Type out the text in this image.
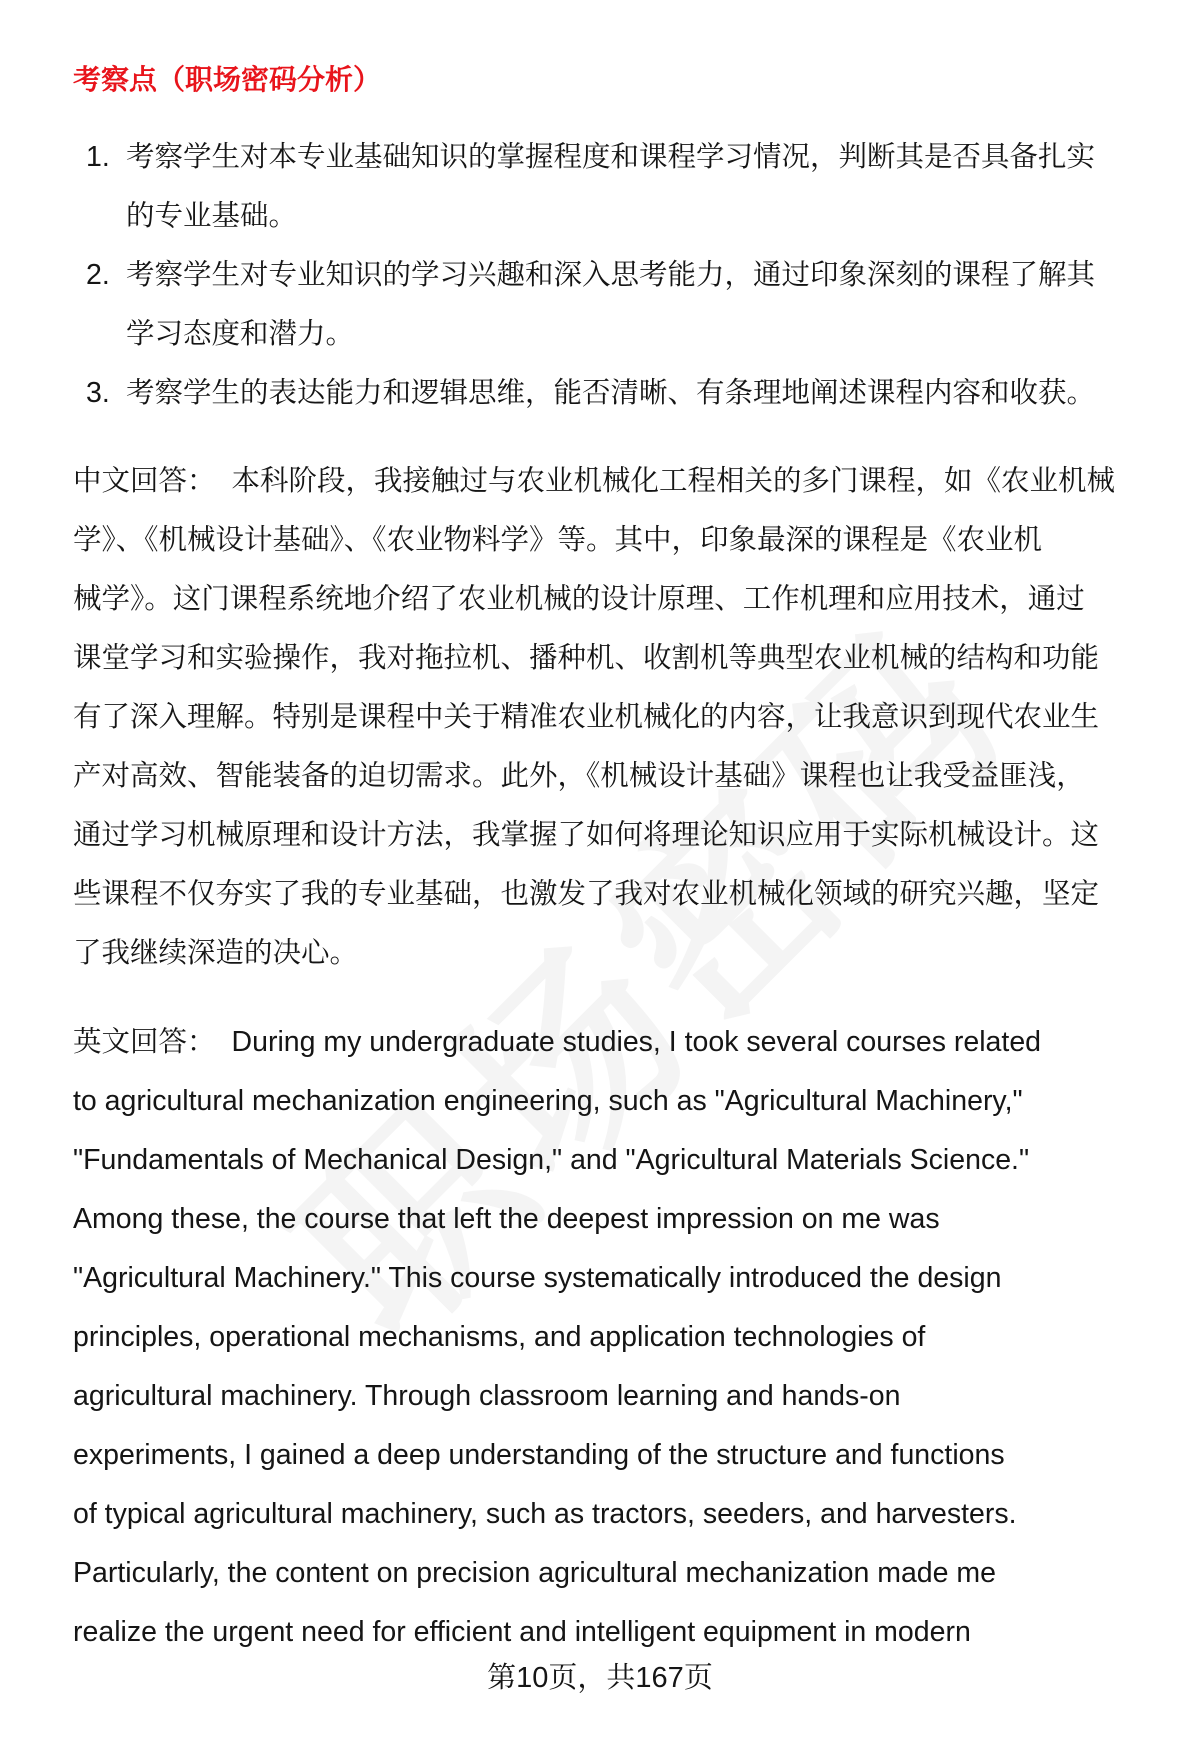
考察点（职场密码分析）
1. 考察学生对本专业基础知识的掌握程度和课程学习情况，判断其是否具备扎实
的专业基础。
2. 考察学生对专业知识的学习兴趣和深入思考能力，通过印象深刻的课程了解其
学习态度和潜力。
3. 考察学生的表达能力和逻辑思维，能否清晰、有条理地阐述课程内容和收获。
中文回答： 本科阶段，我接触过与农业机械化工程相关的多门课程，如《农业机械
学》、《机械设计基础》、《农业物料学》等。其中，印象最深的课程是《农业机
械学》。这门课程系统地介绍了农业机械的设计原理、工作机理和应用技术，通过
课堂学习和实验操作，我对拖拉机、播种机、收割机等典型农业机械的结构和功能
有了深入理解。特别是课程中关于精准农业机械化的内容，让我意识到现代农业生
产对高效、智能装备的迫切需求。此外，《机械设计基础》课程也让我受益匪浅，
通过学习机械原理和设计方法，我掌握了如何将理论知识应用于实际机械设计。这
些课程不仅夯实了我的专业基础，也激发了我对农业机械化领域的研究兴趣，坚定
了我继续深造的决心。
英文回答： During my undergraduate studies, I took several courses related
to agricultural mechanization engineering, such as "Agricultural Machinery,"
"Fundamentals of Mechanical Design," and "Agricultural Materials Science."
Among these, the course that left the deepest impression on me was
"Agricultural Machinery." This course systematically introduced the design
principles, operational mechanisms, and application technologies of
agricultural machinery. Through classroom learning and hands-on
experiments, I gained a deep understanding of the structure and functions
of typical agricultural machinery, such as tractors, seeders, and harvesters.
Particularly, the content on precision agricultural mechanization made me
realize the urgent need for efficient and intelligent equipment in modern
第10页，共167页
